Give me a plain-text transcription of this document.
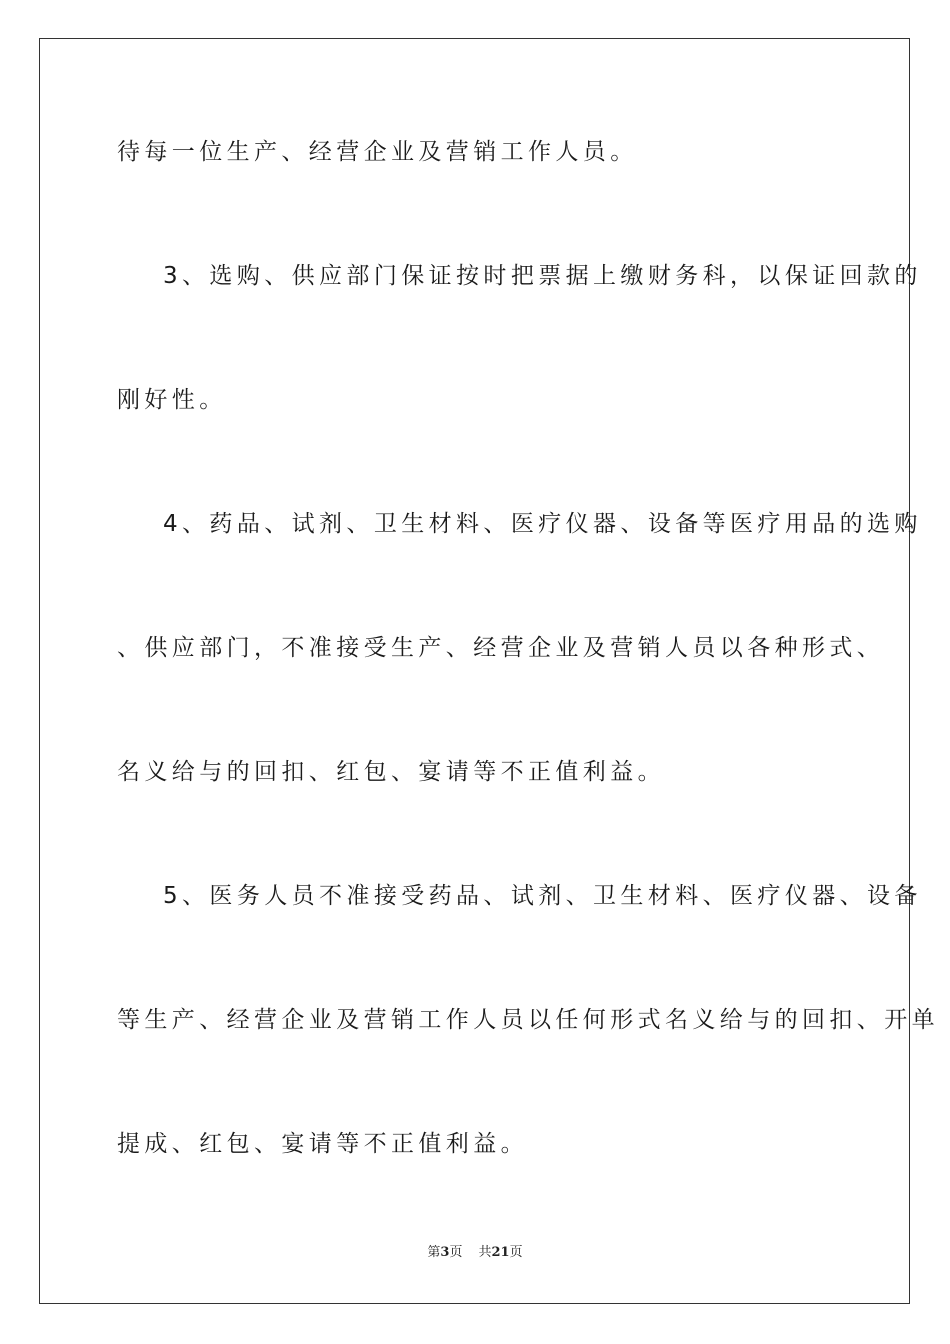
待每一位生产、经营企业及营销工作人员。
3、选购、供应部门保证按时把票据上缴财务科，以保证回款的
刚好性。
4、药品、试剂、卫生材料、医疗仪器、设备等医疗用品的选购
、供应部门，不准接受生产、经营企业及营销人员以各种形式、
名义给与的回扣、红包、宴请等不正值利益。
5、医务人员不准接受药品、试剂、卫生材料、医疗仪器、设备
等生产、经营企业及营销工作人员以任何形式名义给与的回扣、开单
提成、红包、宴请等不正值利益。
第3页 共21页
